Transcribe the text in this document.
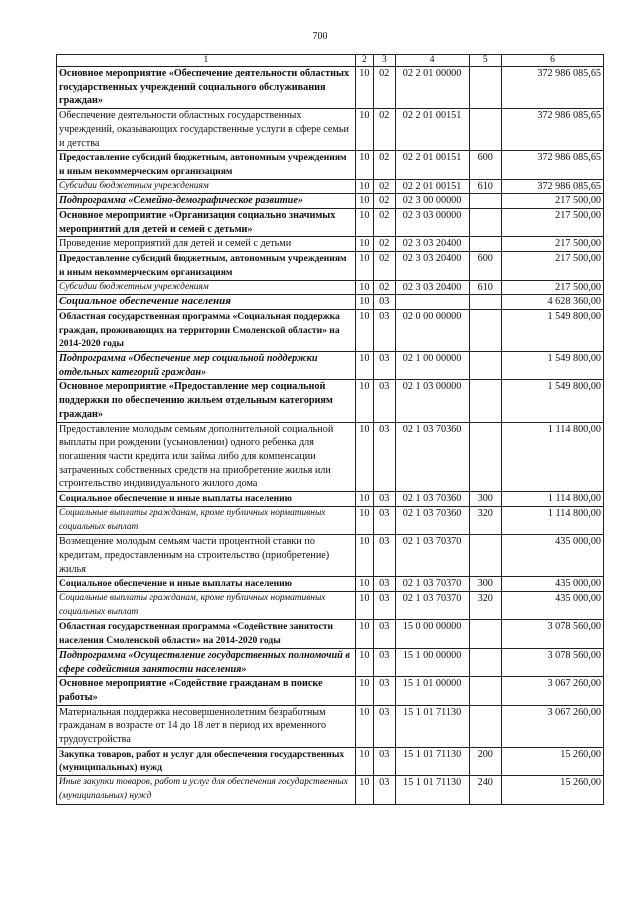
700
1	2	3	4	5	6
Основное мероприятие «Обеспечение деятельности областных государственных учреждений социального обслуживания граждан»	10	02	02 2 01 00000		372 986 085,65
Обеспечение деятельности областных государственных учреждений, оказывающих государственные услуги в сфере семьи и детства	10	02	02 2 01 00151		372 986 085,65
Предоставление субсидий бюджетным, автономным учреждениям и иным некоммерческим организациям	10	02	02 2 01 00151	600	372 986 085,65
Субсидии бюджетным учреждениям	10	02	02 2 01 00151	610	372 986 085,65
Подпрограмма «Семейно-демографическое развитие»	10	02	02 3 00 00000		217 500,00
Основное мероприятие «Организация социально значимых мероприятий для детей и семей с детьми»	10	02	02 3 03 00000		217 500,00
Проведение мероприятий для детей и семей с детьми	10	02	02 3 03 20400		217 500,00
Предоставление субсидий бюджетным, автономным учреждениям и иным некоммерческим организациям	10	02	02 3 03 20400	600	217 500,00
Субсидии бюджетным учреждениям	10	02	02 3 03 20400	610	217 500,00
Социальное обеспечение населения	10	03			4 628 360,00
Областная государственная программа «Социальная поддержка граждан, проживающих на территории Смоленской области» на 2014-2020 годы	10	03	02 0 00 00000		1 549 800,00
Подпрограмма «Обеспечение мер социальной поддержки отдельных категорий граждан»	10	03	02 1 00 00000		1 549 800,00
Основное мероприятие «Предоставление мер социальной поддержки по обеспечению жильем отдельным категориям граждан»	10	03	02 1 03 00000		1 549 800,00
Предоставление молодым семьям дополнительной социальной выплаты при рождении (усыновлении) одного ребенка для погашения части кредита или займа либо для компенсации затраченных собственных средств на приобретение жилья или строительство индивидуального жилого дома	10	03	02 1 03 70360		1 114 800,00
Социальное обеспечение и иные выплаты населению	10	03	02 1 03 70360	300	1 114 800,00
Социальные выплаты гражданам, кроме публичных нормативных социальных выплат	10	03	02 1 03 70360	320	1 114 800,00
Возмещение молодым семьям части процентной ставки по кредитам, предоставленным на строительство (приобретение) жилья	10	03	02 1 03 70370		435 000,00
Социальное обеспечение и иные выплаты населению	10	03	02 1 03 70370	300	435 000,00
Социальные выплаты гражданам, кроме публичных нормативных социальных выплат	10	03	02 1 03 70370	320	435 000,00
Областная государственная программа «Содействие занятости населения Смоленской области» на 2014-2020 годы	10	03	15 0 00 00000		3 078 560,00
Подпрограмма «Осуществление государственных полномочий в сфере содействия занятости населения»	10	03	15 1 00 00000		3 078 560,00
Основное мероприятие «Содействие гражданам в поиске работы»	10	03	15 1 01 00000		3 067 260,00
Материальная поддержка несовершеннолетним безработным гражданам в возрасте от 14 до 18 лет в период их временного трудоустройства	10	03	15 1 01 71130		3 067 260,00
Закупка товаров, работ и услуг для обеспечения государственных (муниципальных) нужд	10	03	15 1 01 71130	200	15 260,00
Иные закупки товаров, работ и услуг для обеспечения государственных (муниципальных) нужд	10	03	15 1 01 71130	240	15 260,00
